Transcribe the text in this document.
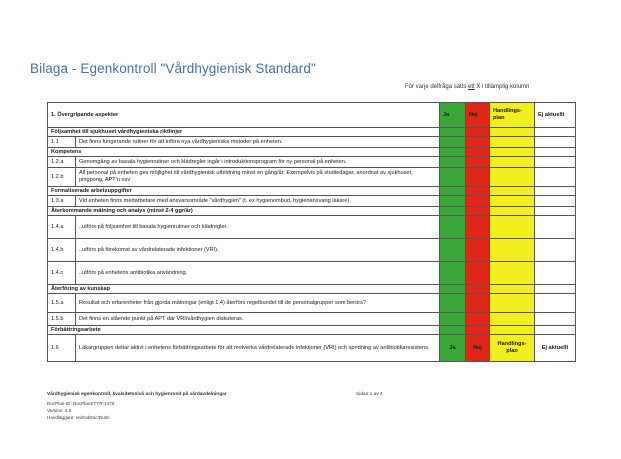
Bilaga - Egenkontroll "Vårdhygienisk Standard"
För varje delfråga sätts ett X i tillämplig kolumn
1. Övergripande aspekter		Ja	Nej	Handlings-plan	Ej aktuellt
Följsamhet till sjukhuset vårdhygieniska riktlinjer					
1.1	Det finns fungerande rutiner för att införa nya vårdhygieniska metoder på enheten.				
Kompetens					
1.2.a	Genomgång av basala hygienrutiner och klädregler ingår i introduktionsprogram för ny personal på enheten.				
1.2.b	All personal på enheten ges möjlighet till vårdhygienisk utbildning minst en gång/år. Exempelvis på studiedagar, anordnat av sjukhuset, pingpong, APT'n osv				
Formaliserade arbetsuppgifter					
1.3.a	Vid enheten finns medarbetare med ansvarsområde "vårdhygien" (t. ex hygienombud, hygienansvarig läkare).				
Återkommande mätning och analys (minst 2-4 ggr/år)					
1.4.a	..utförs på följsamhet till basala hygienrutiner och klädregler.				
1.4.b	..utförs på förekomst av vårdrelaterade infektioner (VRI).				
1.4.c	..utförs på enhetens antibiotika användning.				
Återföring av kunskap					
1.5.a	Resultat och erfarenheter från gjorda mätningar (enligt 1.4) återförs regelbundet till de personalgrupper som berörs?				
1.5.b	Det finns en stående punkt på APT där VRI/vårdhygien diskuteras.				
Förbättringsarbete					
1.6	Läkargruppen deltar aktivt i enhetens förbättringsarbete för att motverka vårdrelaterade infektioner (VRI) och spridning av antibiotikaresistens.	Ja	Nej	Handlings-plan	Ej aktuellt
Vårdhygienisk egenkontroll, kvalsitetsnivå och hygienrond på vårdavdelningar	Sidan 1 av 4
DocPlan-ID: DocPlanSTYR-1476
Version: 4.0
Handläggare: redrodstoc/Rutin
